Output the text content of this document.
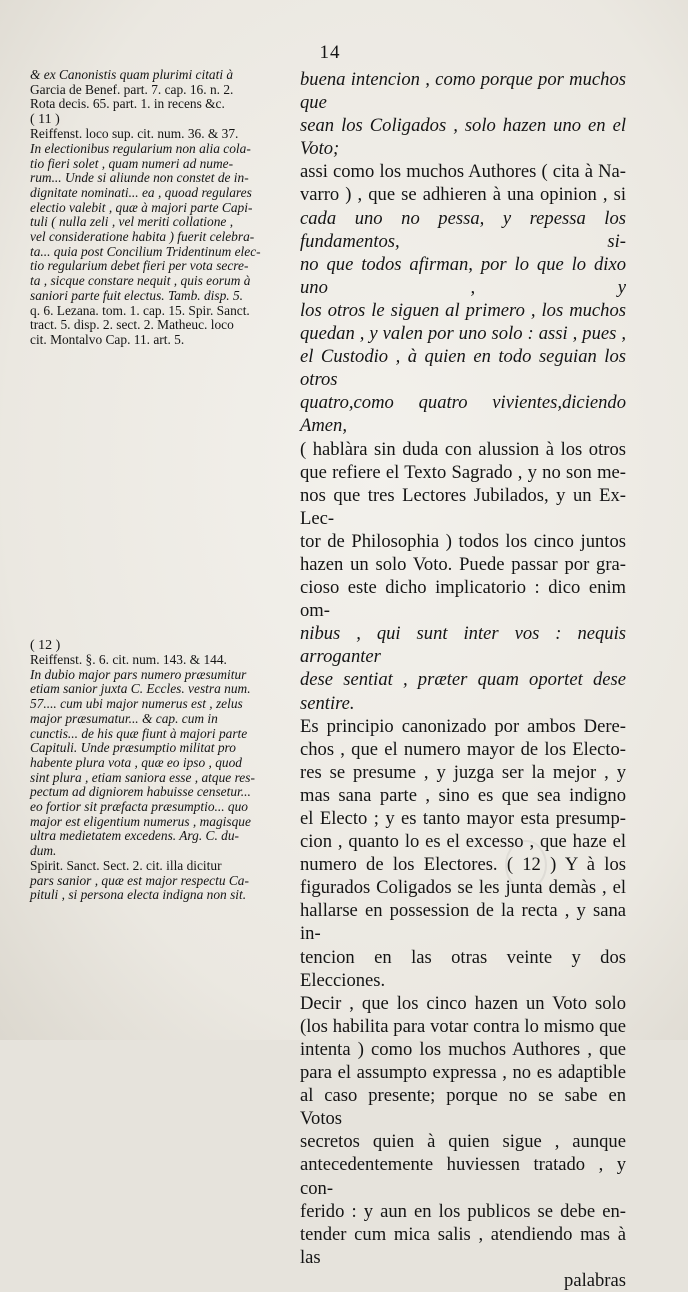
14

& ex Canonistis quam plurimi citati à

Garcia de Benef. part. 7. cap. 16. n. 2.

Rota decis. 65. part. 1. in recens &c.

( 11 )

Reiffenst. loco sup. cit. num. 36. & 37.

In electionibus regularium non alia cola-

tio fieri solet , quam numeri ad nume-

rum... Unde si aliunde non constet de in-

dignitate nominati... ea , quoad regulares

electio valebit , quæ à majori parte Capi-

tuli ( nulla zeli , vel meriti collatione ,

vel consideratione habita ) fuerit celebra-

ta... quia post Concilium Tridentinum elec-

tio regularium debet fieri per vota secre-

ta , sicque constare nequit , quis eorum à

saniori parte fuit electus. Tamb. disp. 5.

q. 6. Lezana. tom. 1. cap. 15. Spir. Sanct.

tract. 5. disp. 2. sect. 2. Matheuc. loco

cit. Montalvo Cap. 11. art. 5.

( 12 )

Reiffenst. §. 6. cit. num. 143. & 144.

In dubio major pars numero præsumitur

etiam sanior juxta C. Eccles. vestra num.

57.... cum ubi major numerus est , zelus

major præsumatur... & cap. cum in

cunctis... de his quæ fiunt à majori parte

Capituli. Unde præsumptio militat pro

habente plura vota , quæ eo ipso , quod

sint plura , etiam saniora esse , atque res-

pectum ad digniorem habuisse censetur...

eo fortior sit præfacta præsumptio... quo

major est eligentium numerus , magisque

ultra medietatem excedens. Arg. C. du-

dum.

Spirit. Sanct. Sect. 2. cit. illa dicitur

pars sanior , quæ est major respectu Ca-

pituli , si persona electa indigna non sit.

buena intencion , como porque por muchos que

sean los Coligados , solo hazen uno en el Voto;

assi como los muchos Authores ( cita à Na-

varro ) , que se adhieren à una opinion , si

cada uno no pessa, y repessa los fundamentos, si-

no que todos afirman, por lo que lo dixo uno , y

los otros le siguen al primero , los muchos

quedan , y valen por uno solo : assi , pues ,

el Custodio , à quien en todo seguian los otros

quatro,como quatro vivientes,diciendo Amen,

( hablàra sin duda con alussion à los otros

que refiere el Texto Sagrado , y no son me-

nos que tres Lectores Jubilados, y un Ex-Lec-

tor de Philosophia ) todos los cinco juntos

hazen un solo Voto. Puede passar por gra-

cioso este dicho implicatorio : dico enim om-

nibus , qui sunt inter vos : nequis arroganter

dese sentiat , præter quam oportet dese sentire.

Es principio canonizado por ambos Dere-

chos , que el numero mayor de los Electo-

res se presume , y juzga ser la mejor , y

mas sana parte , sino es que sea indigno

el Electo ; y es tanto mayor esta presump-

cion , quanto lo es el excesso , que haze el

numero de los Electores. ( 12 ) Y à los

figurados Coligados se les junta demàs , el

hallarse en possession de la recta , y sana in-

tencion en las otras veinte y dos Elecciones.

Decir , que los cinco hazen un Voto solo

(los habilita para votar contra lo mismo que

intenta ) como los muchos Authores , que

para el assumpto expressa , no es adaptible

al caso presente; porque no se sabe en Votos

secretos quien à quien sigue , aunque

antecedentemente huviessen tratado , y con-

ferido : y aun en los publicos se debe en-

tender cum mica salis , atendiendo mas à las

palabras
